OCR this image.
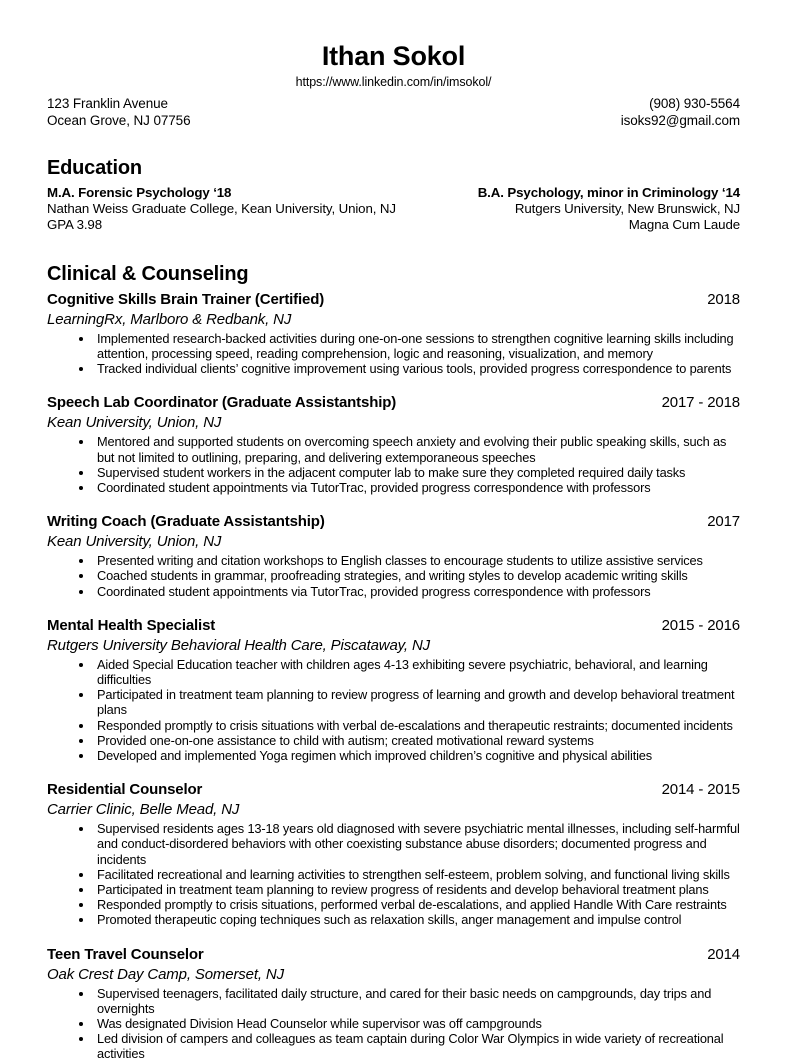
Ithan Sokol
https://www.linkedin.com/in/imsokol/
123 Franklin Avenue
Ocean Grove, NJ 07756
(908) 930-5564
isoks92@gmail.com
Education
M.A. Forensic Psychology ‘18
Nathan Weiss Graduate College, Kean University, Union, NJ
GPA 3.98
B.A. Psychology, minor in Criminology ‘14
Rutgers University, New Brunswick, NJ
Magna Cum Laude
Clinical & Counseling
Cognitive Skills Brain Trainer (Certified)	2018
LearningRx, Marlboro & Redbank, NJ
• Implemented research-backed activities during one-on-one sessions to strengthen cognitive learning skills including attention, processing speed, reading comprehension, logic and reasoning, visualization, and memory
• Tracked individual clients’ cognitive improvement using various tools, provided progress correspondence to parents
Speech Lab Coordinator (Graduate Assistantship)	2017 - 2018
Kean University, Union, NJ
• Mentored and supported students on overcoming speech anxiety and evolving their public speaking skills, such as but not limited to outlining, preparing, and delivering extemporaneous speeches
• Supervised student workers in the adjacent computer lab to make sure they completed required daily tasks
• Coordinated student appointments via TutorTrac, provided progress correspondence with professors
Writing Coach (Graduate Assistantship)	2017
Kean University, Union, NJ
• Presented writing and citation workshops to English classes to encourage students to utilize assistive services
• Coached students in grammar, proofreading strategies, and writing styles to develop academic writing skills
• Coordinated student appointments via TutorTrac, provided progress correspondence with professors
Mental Health Specialist	2015 - 2016
Rutgers University Behavioral Health Care, Piscataway, NJ
• Aided Special Education teacher with children ages 4-13 exhibiting severe psychiatric, behavioral, and learning difficulties
• Participated in treatment team planning to review progress of learning and growth and develop behavioral treatment plans
• Responded promptly to crisis situations with verbal de-escalations and therapeutic restraints; documented incidents
• Provided one-on-one assistance to child with autism; created motivational reward systems
• Developed and implemented Yoga regimen which improved children’s cognitive and physical abilities
Residential Counselor	2014 - 2015
Carrier Clinic, Belle Mead, NJ
• Supervised residents ages 13-18 years old diagnosed with severe psychiatric mental illnesses, including self-harmful and conduct-disordered behaviors with other coexisting substance abuse disorders; documented progress and incidents
• Facilitated recreational and learning activities to strengthen self-esteem, problem solving, and functional living skills
• Participated in treatment team planning to review progress of residents and develop behavioral treatment plans
• Responded promptly to crisis situations, performed verbal de-escalations, and applied Handle With Care restraints
• Promoted therapeutic coping techniques such as relaxation skills, anger management and impulse control
Teen Travel Counselor	2014
Oak Crest Day Camp, Somerset, NJ
• Supervised teenagers, facilitated daily structure, and cared for their basic needs on campgrounds, day trips and overnights
• Was designated Division Head Counselor while supervisor was off campgrounds
• Led division of campers and colleagues as team captain during Color War Olympics in wide variety of recreational activities
